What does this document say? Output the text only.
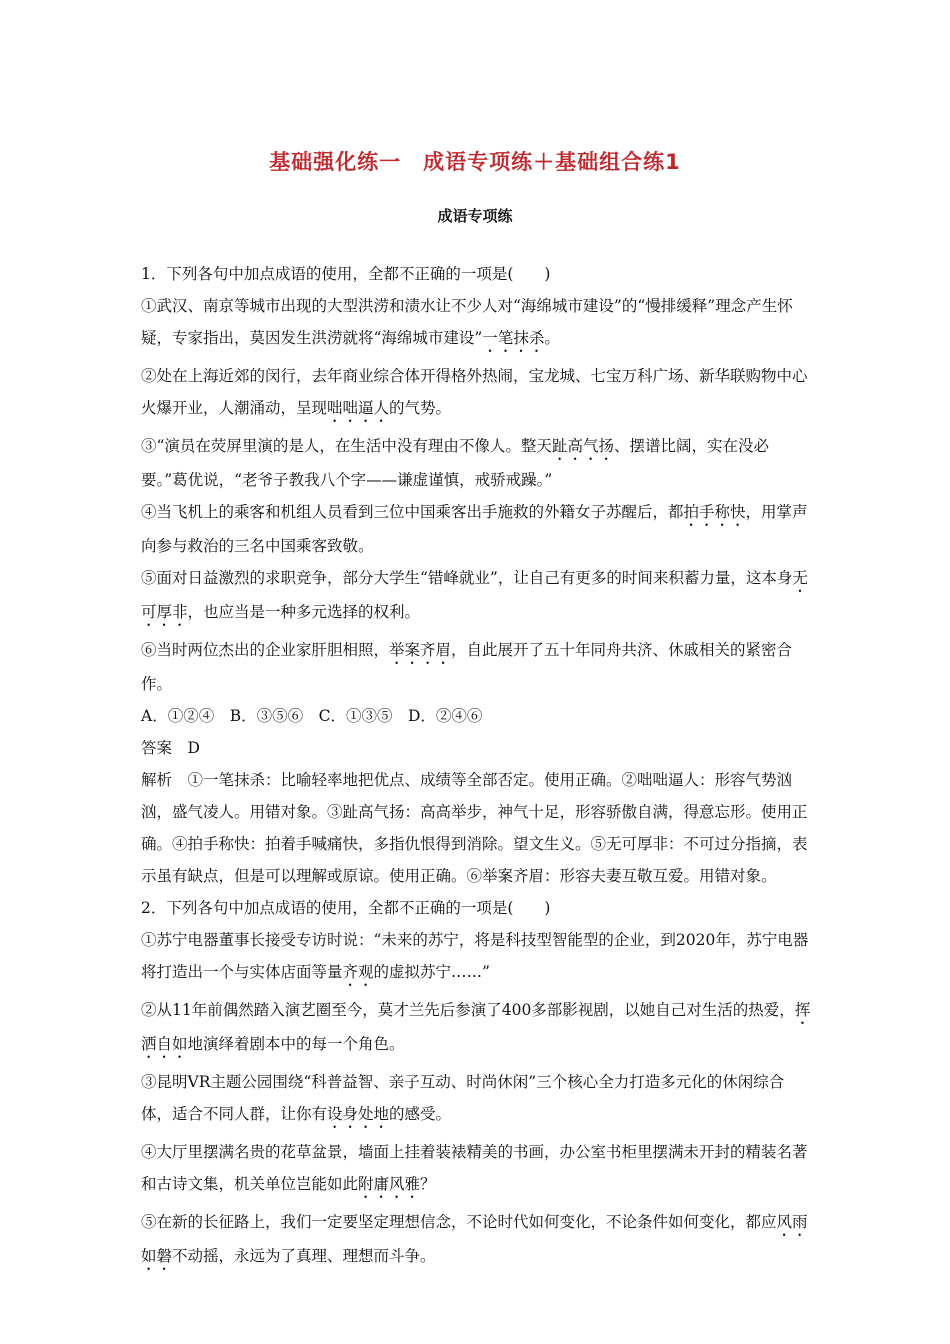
基础强化练一　成语专项练＋基础组合练1
成语专项练

1．下列各句中加点成语的使用，全都不正确的一项是(　　)

①武汉、南京等城市出现的大型洪涝和渍水让不少人对“海绵城市建设”的“慢排缓释”理念产生怀疑，专家指出，莫因发生洪涝就将“海绵城市建设”一笔抹杀。

②处在上海近郊的闵行，去年商业综合体开得格外热闹，宝龙城、七宝万科广场、新华联购物中心火爆开业，人潮涌动，呈现咄咄逼人的气势。

③“演员在荧屏里演的是人，在生活中没有理由不像人。整天趾高气扬、摆谱比阔，实在没必要。”葛优说，“老爷子教我八个字——谦虚谨慎，戒骄戒躁。”

④当飞机上的乘客和机组人员看到三位中国乘客出手施救的外籍女子苏醒后，都拍手称快，用掌声向参与救治的三名中国乘客致敬。

⑤面对日益激烈的求职竞争，部分大学生“错峰就业”，让自己有更多的时间来积蓄力量，这本身无可厚非，也应当是一种多元选择的权利。

⑥当时两位杰出的企业家肝胆相照，举案齐眉，自此展开了五十年同舟共济、休戚相关的紧密合作。

A．①②④　B．③⑤⑥　C．①③⑤　D．②④⑥

答案　D

解析　①一笔抹杀：比喻轻率地把优点、成绩等全部否定。使用正确。②咄咄逼人：形容气势汹汹，盛气凌人。用错对象。③趾高气扬：高高举步，神气十足，形容骄傲自满，得意忘形。使用正确。④拍手称快：拍着手喊痛快，多指仇恨得到消除。望文生义。⑤无可厚非：不可过分指摘，表示虽有缺点，但是可以理解或原谅。使用正确。⑥举案齐眉：形容夫妻互敬互爱。用错对象。

2．下列各句中加点成语的使用，全都不正确的一项是(　　)

①苏宁电器董事长接受专访时说：“未来的苏宁，将是科技型智能型的企业，到2020年，苏宁电器将打造出一个与实体店面等量齐观的虚拟苏宁……”

②从11年前偶然踏入演艺圈至今，莫才兰先后参演了400多部影视剧，以她自己对生活的热爱，挥洒自如地演绎着剧本中的每一个角色。

③昆明VR主题公园围绕“科普益智、亲子互动、时尚休闲”三个核心全力打造多元化的休闲综合体，适合不同人群，让你有设身处地的感受。

④大厅里摆满名贵的花草盆景，墙面上挂着装裱精美的书画，办公室书柜里摆满未开封的精装名著和古诗文集，机关单位岂能如此附庸风雅？

⑤在新的长征路上，我们一定要坚定理想信念，不论时代如何变化，不论条件如何变化，都应风雨如磐不动摇，永远为了真理、理想而斗争。
